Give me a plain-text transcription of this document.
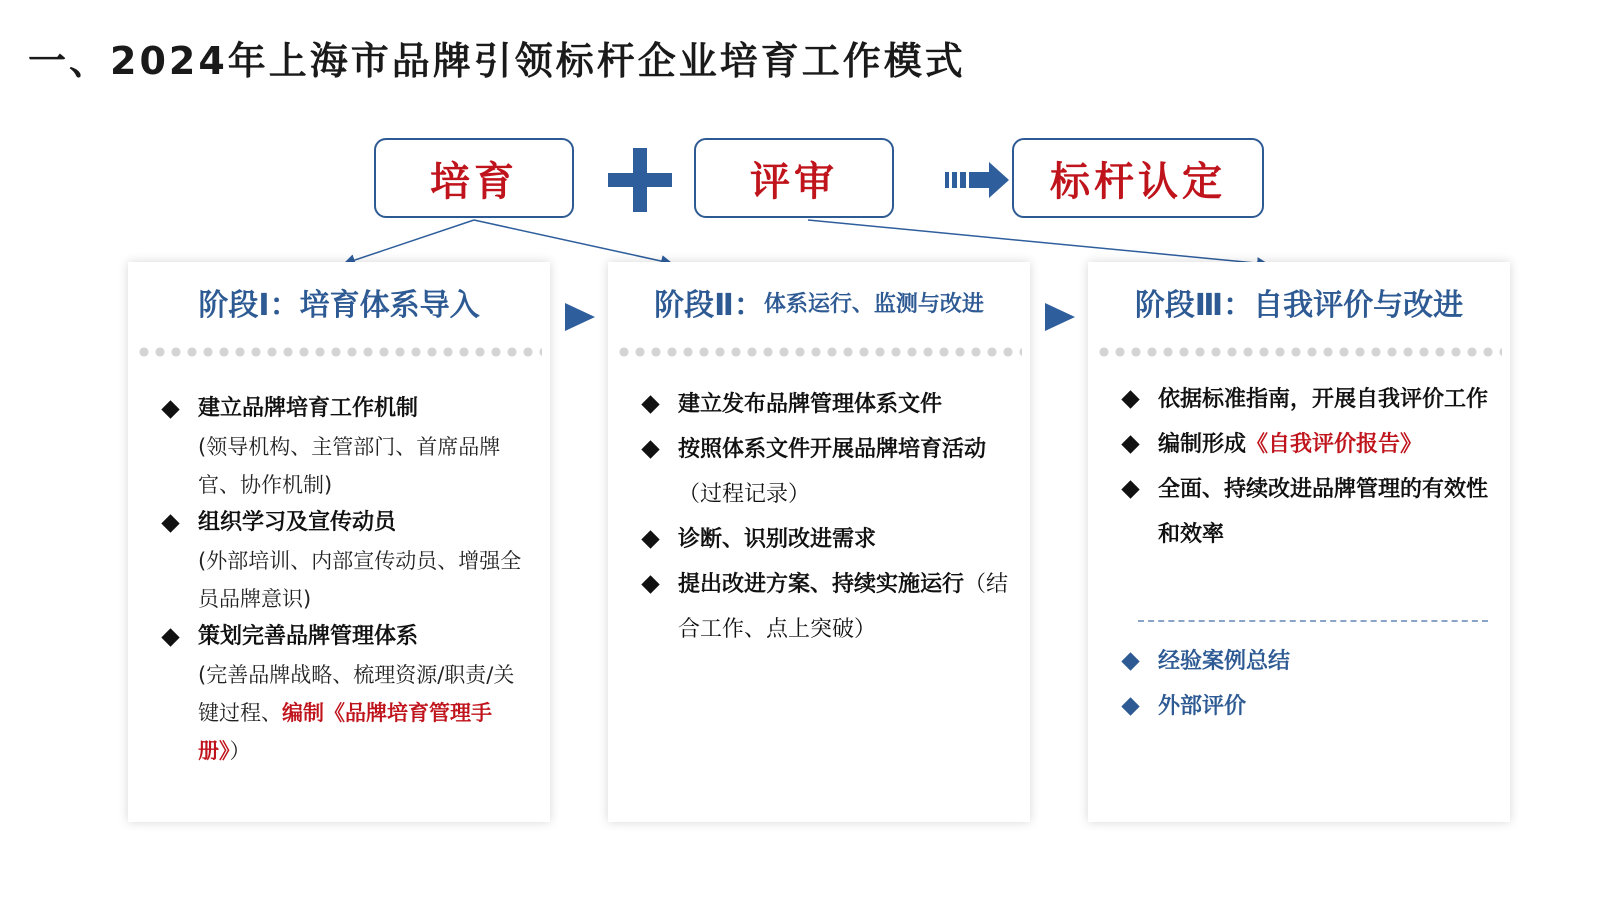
一、2024年上海市品牌引领标杆企业培育工作模式
培育	评审	标杆认定
阶段Ⅰ：培育体系导入
建立品牌培育工作机制
(领导机构、主管部门、首席品牌官、协作机制)
组织学习及宣传动员
(外部培训、内部宣传动员、增强全员品牌意识)
策划完善品牌管理体系
(完善品牌战略、梳理资源/职责/关键过程、编制《品牌培育管理手册》）
阶段Ⅱ： 体系运行、监测与改进
建立发布品牌管理体系文件
按照体系文件开展品牌培育活动（过程记录）
诊断、识别改进需求
提出改进方案、持续实施运行（结合工作、点上突破）
阶段Ⅲ：自我评价与改进
依据标准指南，开展自我评价工作
编制形成《自我评价报告》
全面、持续改进品牌管理的有效性和效率
经验案例总结
外部评价
